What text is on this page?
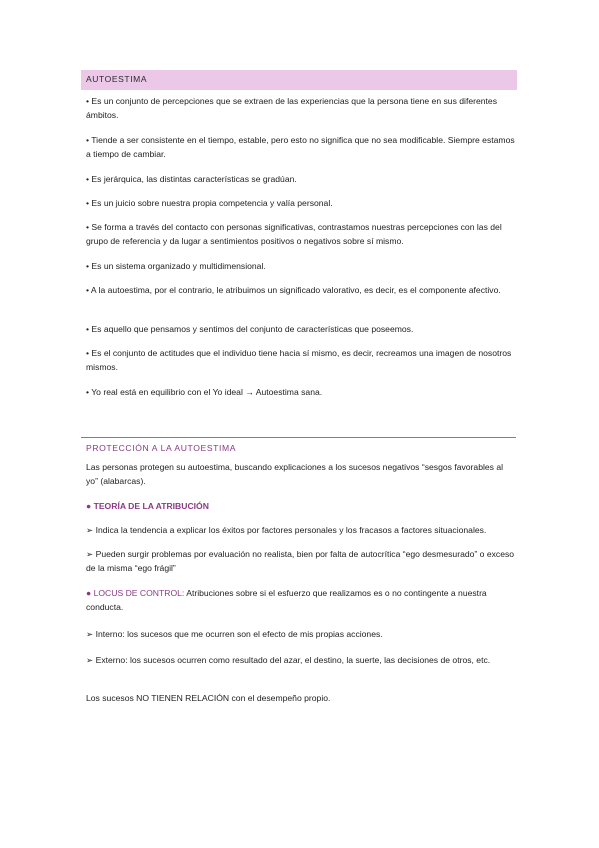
AUTOESTIMA

• Es un conjunto de percepciones que se extraen de las experiencias que la persona tiene en sus diferentes ámbitos.

• Tiende a ser consistente en el tiempo, estable, pero esto no significa que no sea modificable. Siempre estamos a tiempo de cambiar.

• Es jerárquica, las distintas características se gradúan.

• Es un juicio sobre nuestra propia competencia y valía personal.

• Se forma a través del contacto con personas significativas, contrastamos nuestras percepciones con las del grupo de referencia y da lugar a sentimientos positivos o negativos sobre sí mismo.

• Es un sistema organizado y multidimensional.

• A la autoestima, por el contrario, le atribuimos un significado valorativo, es decir, es el componente afectivo.

• Es aquello que pensamos y sentimos del conjunto de características que poseemos.

• Es el conjunto de actitudes que el individuo tiene hacia sí mismo, es decir, recreamos una imagen de nosotros mismos.

• Yo real está en equilibrio con el Yo ideal → Autoestima sana.

PROTECCIÓN A LA AUTOESTIMA

Las personas protegen su autoestima, buscando explicaciones a los sucesos negativos “sesgos favorables al yo” (alabarcas).

● TEORÍA DE LA ATRIBUCIÓN

➢ Indica la tendencia a explicar los éxitos por factores personales y los fracasos a factores situacionales.

➢ Pueden surgir problemas por evaluación no realista, bien por falta de autocrítica “ego desmesurado” o exceso de la misma “ego frágil”

● LOCUS DE CONTROL: Atribuciones sobre si el esfuerzo que realizamos es o no contingente a nuestra conducta.

➢ Interno: los sucesos que me ocurren son el efecto de mis propias acciones.

➢ Externo: los sucesos ocurren como resultado del azar, el destino, la suerte, las decisiones de otros, etc.

Los sucesos NO TIENEN RELACIÓN con el desempeño propio.
